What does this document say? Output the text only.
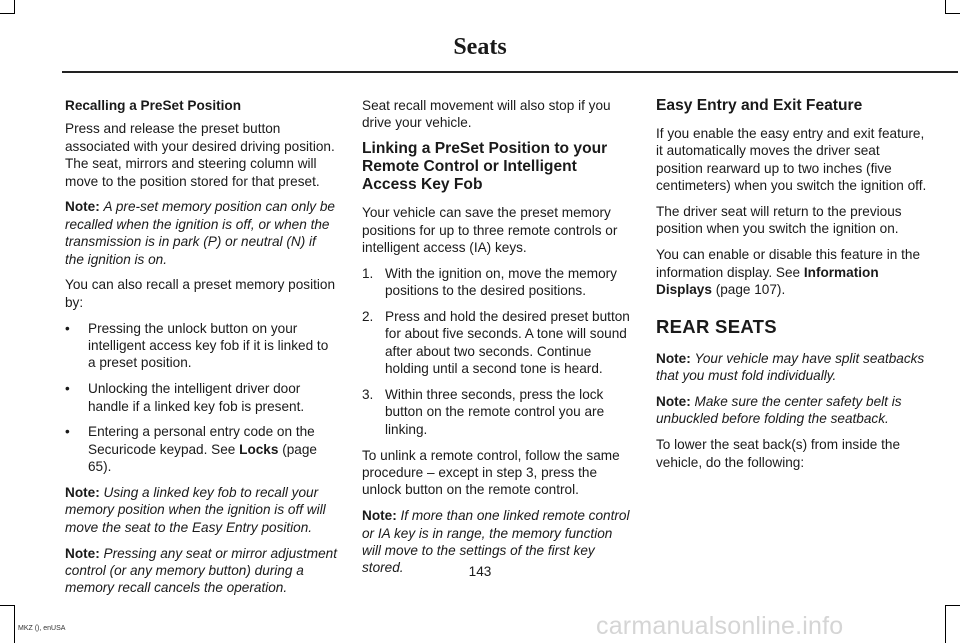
Seats
Recalling a PreSet Position

Press and release the preset button associated with your desired driving position. The seat, mirrors and steering column will move to the position stored for that preset.

Note: A pre-set memory position can only be recalled when the ignition is off, or when the transmission is in park (P) or neutral (N) if the ignition is on.

You can also recall a preset memory position by:

• Pressing the unlock button on your intelligent access key fob if it is linked to a preset position.
• Unlocking the intelligent driver door handle if a linked key fob is present.
• Entering a personal entry code on the Securicode keypad. See Locks (page 65).

Note: Using a linked key fob to recall your memory position when the ignition is off will move the seat to the Easy Entry position.

Note: Pressing any seat or mirror adjustment control (or any memory button) during a memory recall cancels the operation.

Seat recall movement will also stop if you drive your vehicle.

Linking a PreSet Position to your Remote Control or Intelligent Access Key Fob

Your vehicle can save the preset memory positions for up to three remote controls or intelligent access (IA) keys.

1. With the ignition on, move the memory positions to the desired positions.
2. Press and hold the desired preset button for about five seconds. A tone will sound after about two seconds. Continue holding until a second tone is heard.
3. Within three seconds, press the lock button on the remote control you are linking.

To unlink a remote control, follow the same procedure – except in step 3, press the unlock button on the remote control.

Note: If more than one linked remote control or IA key is in range, the memory function will move to the settings of the first key stored.

Easy Entry and Exit Feature

If you enable the easy entry and exit feature, it automatically moves the driver seat position rearward up to two inches (five centimeters) when you switch the ignition off.

The driver seat will return to the previous position when you switch the ignition on.

You can enable or disable this feature in the information display. See Information Displays (page 107).

REAR SEATS

Note: Your vehicle may have split seatbacks that you must fold individually.

Note: Make sure the center safety belt is unbuckled before folding the seatback.

To lower the seat back(s) from inside the vehicle, do the following:

143
MKZ (), enUSA	carmanualsonline.info
